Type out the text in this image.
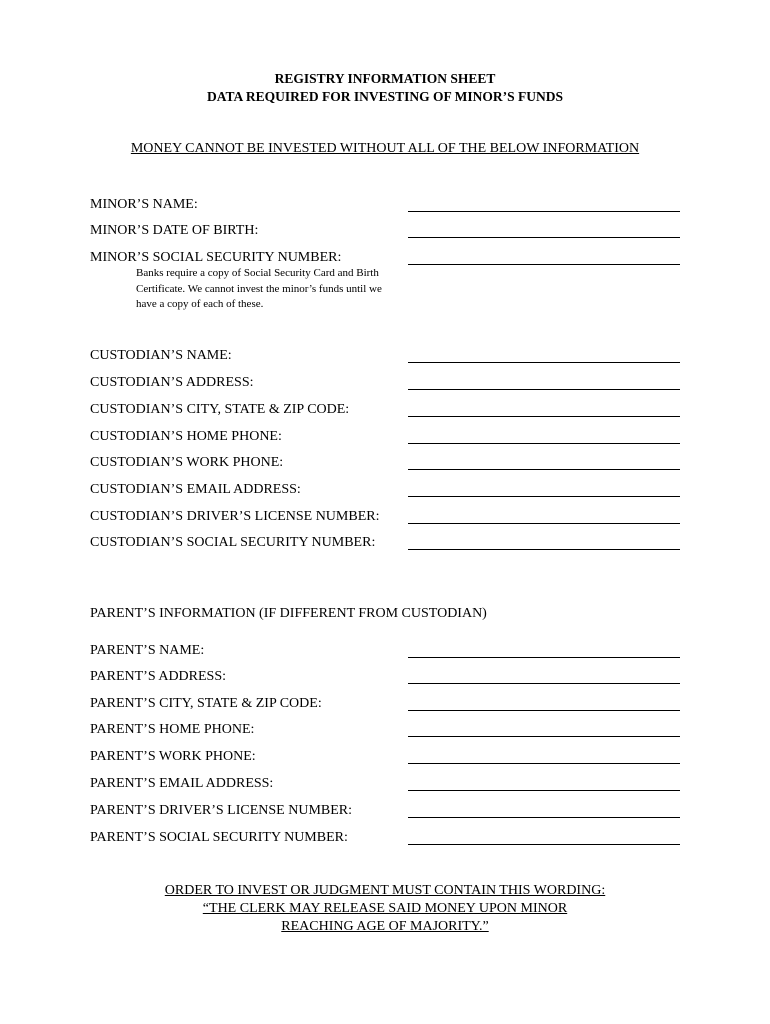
REGISTRY INFORMATION SHEET
DATA REQUIRED FOR INVESTING OF MINOR’S FUNDS
MONEY CANNOT BE INVESTED WITHOUT ALL OF THE BELOW INFORMATION
MINOR’S NAME:
MINOR’S DATE OF BIRTH:
MINOR’S SOCIAL SECURITY NUMBER:
Banks require a copy of Social Security Card and Birth Certificate. We cannot invest the minor’s funds until we have a copy of each of these.
CUSTODIAN’S NAME:
CUSTODIAN’S ADDRESS:
CUSTODIAN’S CITY, STATE & ZIP CODE:
CUSTODIAN’S HOME PHONE:
CUSTODIAN’S WORK PHONE:
CUSTODIAN’S EMAIL ADDRESS:
CUSTODIAN’S DRIVER’S LICENSE NUMBER:
CUSTODIAN’S SOCIAL SECURITY NUMBER:
PARENT’S INFORMATION (IF DIFFERENT FROM CUSTODIAN)
PARENT’S NAME:
PARENT’S ADDRESS:
PARENT’S CITY, STATE & ZIP CODE:
PARENT’S HOME PHONE:
PARENT’S WORK PHONE:
PARENT’S EMAIL ADDRESS:
PARENT’S DRIVER’S LICENSE NUMBER:
PARENT’S SOCIAL SECURITY NUMBER:
ORDER TO INVEST OR JUDGMENT MUST CONTAIN THIS WORDING:
“THE CLERK MAY RELEASE SAID MONEY UPON MINOR
REACHING AGE OF MAJORITY.”
